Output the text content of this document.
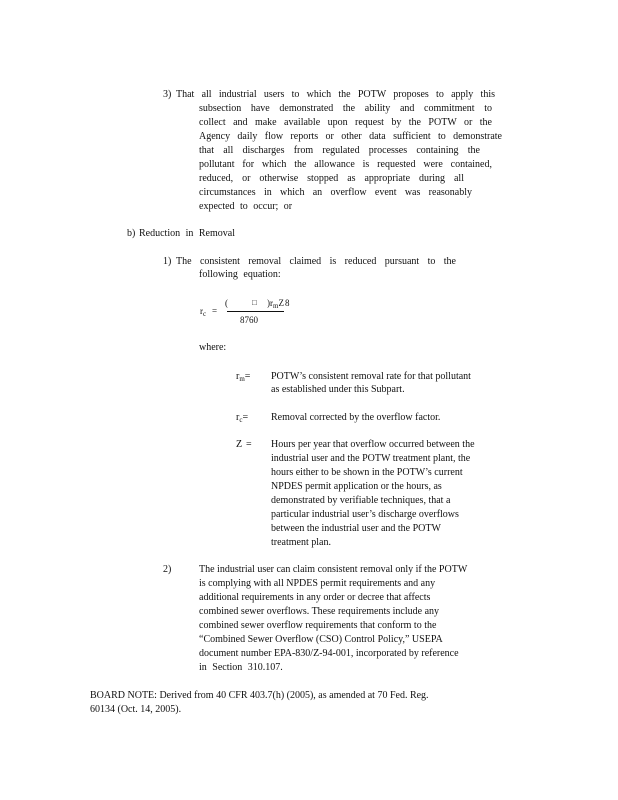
3) That all industrial users to which the POTW proposes to apply this
subsection have demonstrated the ability and commitment to
collect and make available upon request by the POTW or the
Agency daily flow reports or other data sufficient to demonstrate
that all discharges from regulated processes containing the
pollutant for which the allowance is requested were contained,
reduced, or otherwise stopped as appropriate during all
circumstances in which an overflow event was reasonably
expected to occur; or
b) Reduction in Removal
1) The consistent removal claimed is reduced pursuant to the
following equation:
$r_c$ =
(	□ )$r_mZ8$
8760
where:
$r_m=$ POTW’s consistent removal rate for that pollutant
as established under this Subpart.
$r_c=$ Removal corrected by the overflow factor.
Z = Hours per year that overflow occurred between the
industrial user and the POTW treatment plant, the
hours either to be shown in the POTW’s current
NPDES permit application or the hours, as
demonstrated by verifiable techniques, that a
particular industrial user’s discharge overflows
between the industrial user and the POTW
treatment plan.
2)	The industrial user can claim consistent removal only if the POTW
is complying with all NPDES permit requirements and any
additional requirements in any order or decree that affects
combined sewer overflows. These requirements include any
combined sewer overflow requirements that conform to the
“Combined Sewer Overflow (CSO) Control Policy,” USEPA
document number EPA-830/Z-94-001, incorporated by reference
in Section 310.107.
BOARD NOTE: Derived from 40 CFR 403.7(h) (2005), as amended at 70 Fed. Reg.
60134 (Oct. 14, 2005).
